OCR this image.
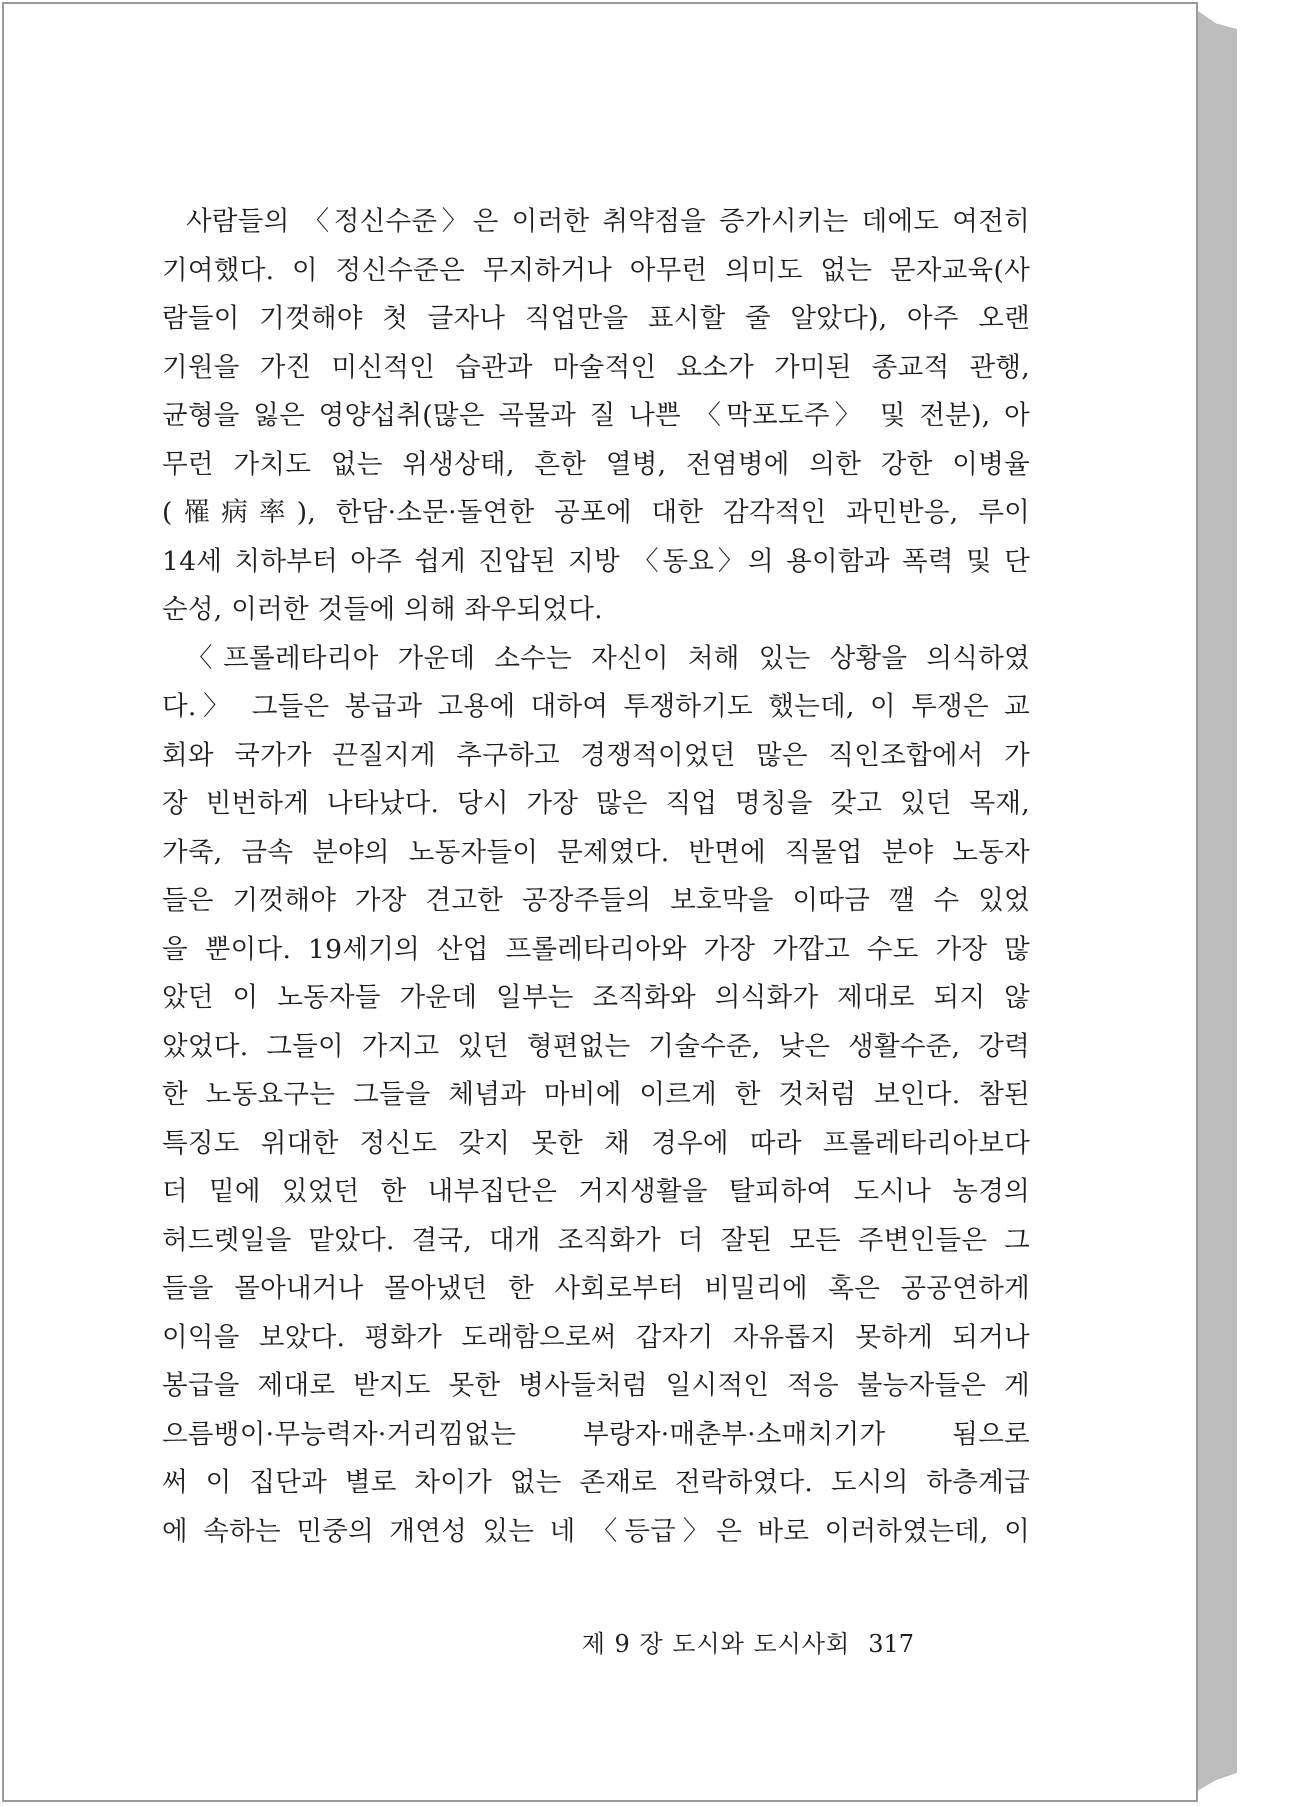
사람들의 〈정신수준〉은 이러한 취약점을 증가시키는 데에도 여전히
기여했다. 이 정신수준은 무지하거나 아무런 의미도 없는 문자교육(사
람들이 기껏해야 첫 글자나 직업만을 표시할 줄 알았다), 아주 오랜
기원을 가진 미신적인 습관과 마술적인 요소가 가미된 종교적 관행,
균형을 잃은 영양섭취(많은 곡물과 질 나쁜 〈막포도주〉 및 전분), 아
무런 가치도 없는 위생상태, 흔한 열병, 전염병에 의한 강한 이병율
(罹病率), 한담·소문·돌연한 공포에 대한 감각적인 과민반응, 루이
14세 치하부터 아주 쉽게 진압된 지방 〈동요〉의 용이함과 폭력 및 단
순성, 이러한 것들에 의해 좌우되었다.
〈프롤레타리아 가운데 소수는 자신이 처해 있는 상황을 의식하였
다.〉 그들은 봉급과 고용에 대하여 투쟁하기도 했는데, 이 투쟁은 교
회와 국가가 끈질지게 추구하고 경쟁적이었던 많은 직인조합에서 가
장 빈번하게 나타났다. 당시 가장 많은 직업 명칭을 갖고 있던 목재,
가죽, 금속 분야의 노동자들이 문제였다. 반면에 직물업 분야 노동자
들은 기껏해야 가장 견고한 공장주들의 보호막을 이따금 깰 수 있었
을 뿐이다. 19세기의 산업 프롤레타리아와 가장 가깝고 수도 가장 많
았던 이 노동자들 가운데 일부는 조직화와 의식화가 제대로 되지 않
았었다. 그들이 가지고 있던 형편없는 기술수준, 낮은 생활수준, 강력
한 노동요구는 그들을 체념과 마비에 이르게 한 것처럼 보인다. 참된
특징도 위대한 정신도 갖지 못한 채 경우에 따라 프롤레타리아보다
더 밑에 있었던 한 내부집단은 거지생활을 탈피하여 도시나 농경의
허드렛일을 맡았다. 결국, 대개 조직화가 더 잘된 모든 주변인들은 그
들을 몰아내거나 몰아냈던 한 사회로부터 비밀리에 혹은 공공연하게
이익을 보았다. 평화가 도래함으로써 갑자기 자유롭지 못하게 되거나
봉급을 제대로 받지도 못한 병사들처럼 일시적인 적응 불능자들은 게
으름뱅이·무능력자·거리낌없는 부랑자·매춘부·소매치기가 됨으로
써 이 집단과 별로 차이가 없는 존재로 전락하였다. 도시의 하층계급
에 속하는 민중의 개연성 있는 네 〈등급〉은 바로 이러하였는데, 이
제 9 장 도시와 도시사회 317
